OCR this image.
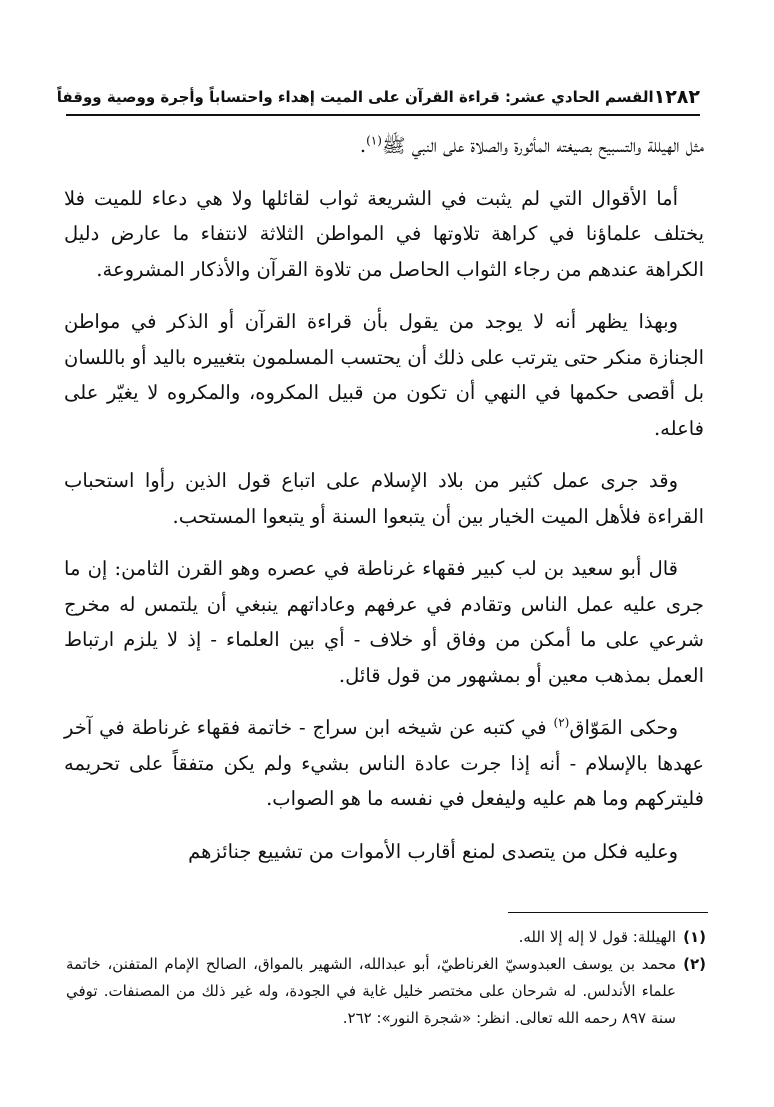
١٢٨٢
القسم الحادي عشر: قراءة القرآن على الميت إهداء واحتساباً وأجرة ووصية ووقفاً

مثل الهيللة والتسبيح بصيغته المأثورة والصلاة على النبي ﷺ$^{(١)}$.

أما الأقوال التي لم يثبت في الشريعة ثواب لقائلها ولا هي دعاء للميت فلا يختلف علماؤنا في كراهة تلاوتها في المواطن الثلاثة لانتفاء ما عارض دليل الكراهة عندهم من رجاء الثواب الحاصل من تلاوة القرآن والأذكار المشروعة.

وبهذا يظهر أنه لا يوجد من يقول بأن قراءة القرآن أو الذكر في مواطن الجنازة منكر حتى يترتب على ذلك أن يحتسب المسلمون بتغييره باليد أو باللسان بل أقصى حكمها في النهي أن تكون من قبيل المكروه، والمكروه لا يغيّر على فاعله.

وقد جرى عمل كثير من بلاد الإسلام على اتباع قول الذين رأوا استحباب القراءة فلأهل الميت الخيار بين أن يتبعوا السنة أو يتبعوا المستحب.

قال أبو سعيد بن لب كبير فقهاء غرناطة في عصره وهو القرن الثامن: إن ما جرى عليه عمل الناس وتقادم في عرفهم وعاداتهم ينبغي أن يلتمس له مخرج شرعي على ما أمكن من وفاق أو خلاف - أي بين العلماء - إذ لا يلزم ارتباط العمل بمذهب معين أو بمشهور من قول قائل.

وحكى المَوّاق$^{(٢)}$ في كتبه عن شيخه ابن سراج - خاتمة فقهاء غرناطة في آخر عهدها بالإسلام - أنه إذا جرت عادة الناس بشيء ولم يكن متفقاً على تحريمه فليتركهم وما هم عليه وليفعل في نفسه ما هو الصواب.

وعليه فكل من يتصدى لمنع أقارب الأموات من تشييع جنائزهم

(١)
الهيللة: قول لا إله إلا الله.
(٢)
محمد بن يوسف العبدوسيّ الغرناطيّ، أبو عبدالله، الشهير بالمواق، الصالح الإمام المتفنن، خاتمة علماء الأندلس. له شرحان على مختصر خليل غاية في الجودة، وله غير ذلك من المصنفات. توفي سنة ٨٩٧ رحمه الله تعالى. انظر: «شجرة النور»: ٢٦٢.
